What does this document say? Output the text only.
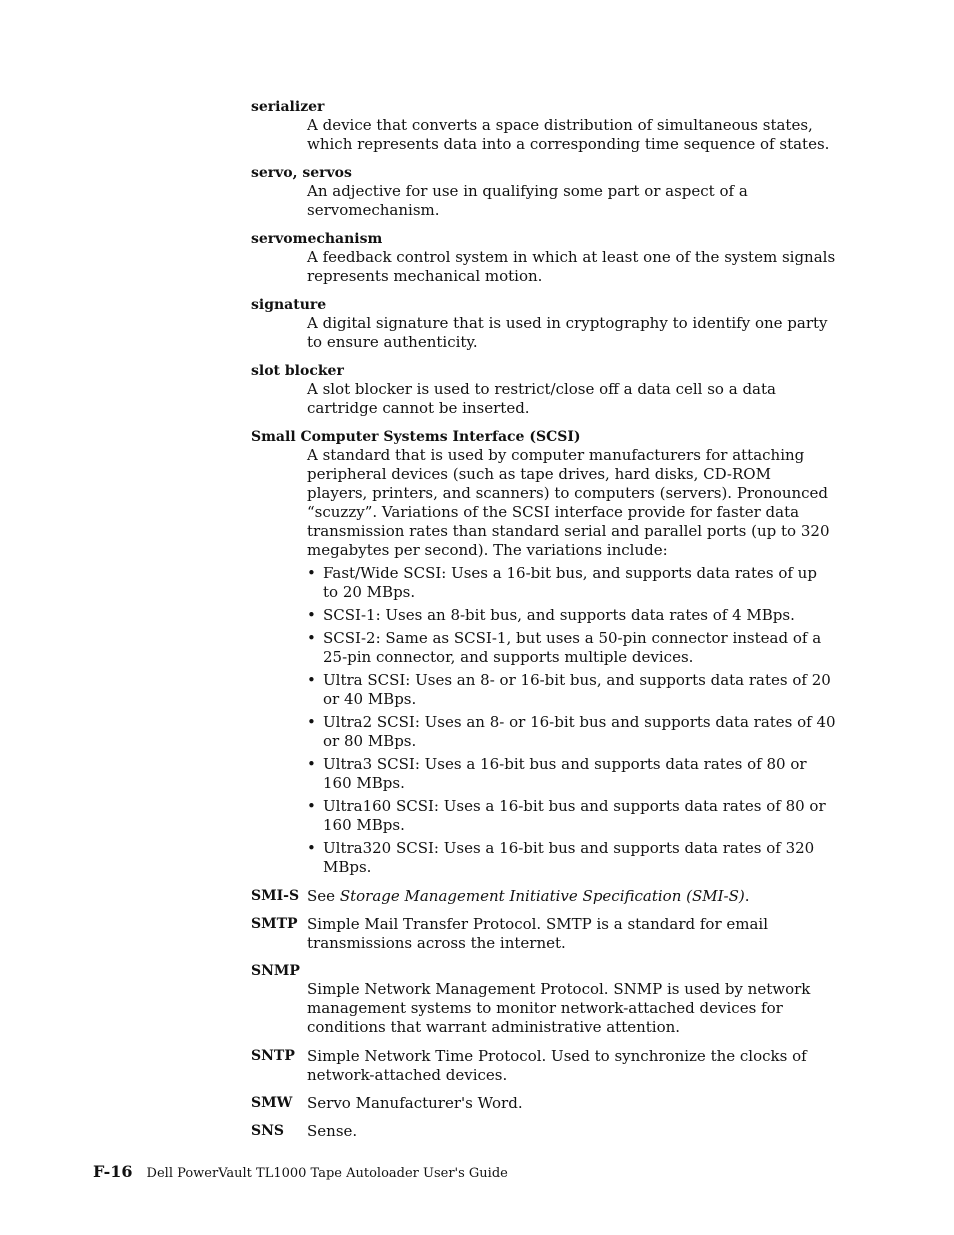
serializer
A device that converts a space distribution of simultaneous states, which represents data into a corresponding time sequence of states.
servo, servos
An adjective for use in qualifying some part or aspect of a servomechanism.
servomechanism
A feedback control system in which at least one of the system signals represents mechanical motion.
signature
A digital signature that is used in cryptography to identify one party to ensure authenticity.
slot blocker
A slot blocker is used to restrict/close off a data cell so a data cartridge cannot be inserted.
Small Computer Systems Interface (SCSI)
A standard that is used by computer manufacturers for attaching peripheral devices (such as tape drives, hard disks, CD-ROM players, printers, and scanners) to computers (servers). Pronounced “scuzzy”. Variations of the SCSI interface provide for faster data transmission rates than standard serial and parallel ports (up to 320 megabytes per second). The variations include:
• Fast/Wide SCSI: Uses a 16-bit bus, and supports data rates of up to 20 MBps.
• SCSI-1: Uses an 8-bit bus, and supports data rates of 4 MBps.
• SCSI-2: Same as SCSI-1, but uses a 50-pin connector instead of a 25-pin connector, and supports multiple devices.
• Ultra SCSI: Uses an 8- or 16-bit bus, and supports data rates of 20 or 40 MBps.
• Ultra2 SCSI: Uses an 8- or 16-bit bus and supports data rates of 40 or 80 MBps.
• Ultra3 SCSI: Uses a 16-bit bus and supports data rates of 80 or 160 MBps.
• Ultra160 SCSI: Uses a 16-bit bus and supports data rates of 80 or 160 MBps.
• Ultra320 SCSI: Uses a 16-bit bus and supports data rates of 320 MBps.
SMI-S See Storage Management Initiative Specification (SMI-S).
SMTP Simple Mail Transfer Protocol. SMTP is a standard for email transmissions across the internet.
SNMP
Simple Network Management Protocol. SNMP is used by network management systems to monitor network-attached devices for conditions that warrant administrative attention.
SNTP Simple Network Time Protocol. Used to synchronize the clocks of network-attached devices.
SMW Servo Manufacturer's Word.
SNS	Sense.
F-16 Dell PowerVault TL1000 Tape Autoloader User's Guide
